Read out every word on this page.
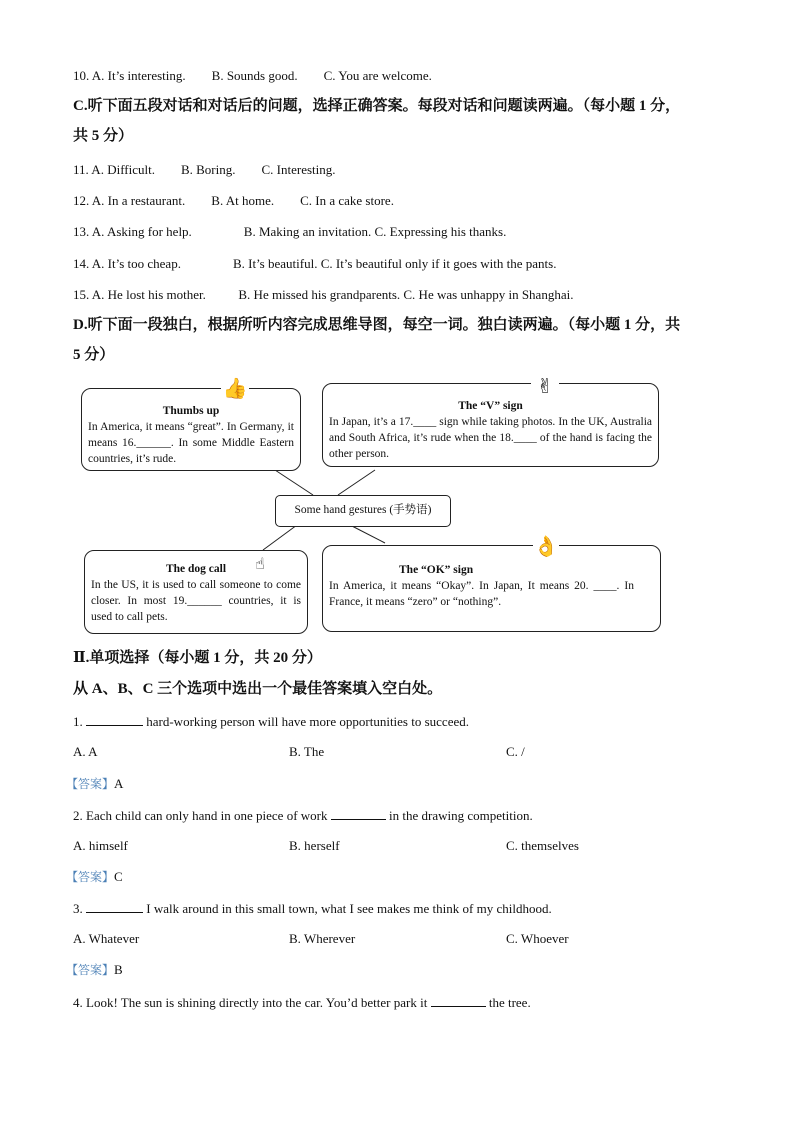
10. A. It’s interesting.        B. Sounds good.        C. You are welcome.
C.听下面五段对话和对话后的问题，选择正确答案。每段对话和问题读两遍。（每小题 1 分，
共 5 分）
11. A. Difficult.        B. Boring.        C. Interesting.
12. A. In a restaurant.        B. At home.        C. In a cake store.
13. A. Asking for help.                B. Making an invitation. C. Expressing his thanks.
14. A. It’s too cheap.                B. It’s beautiful. C. It’s beautiful only if it goes with the pants.
15. A. He lost his mother.          B. He missed his grandparents. C. He was unhappy in Shanghai.
D.听下面一段独白，根据所听内容完成思维导图，每空一词。独白读两遍。（每小题 1 分，共
5 分）
Thumbs up
In America, it means “great”. In Germany, it means 16.______. In some Middle Eastern countries, it’s rude.
👍
The “V” sign
In Japan, it’s a 17.____ sign while taking photos. In the UK, Australia and South Africa, it’s rude when the 18.____ of the hand is facing the other person.
✌
Some hand gestures (手势语)
The dog call
In the US, it is used to call someone to come closer. In most 19.______ countries, it is used to call pets.
☝	The “OK” sign
In America, it means “Okay”. In Japan, It means 20. ____. In France, it means “zero” or “nothing”.
👌
Ⅱ.单项选择（每小题 1 分，共 20 分）
从 A、B、C 三个选项中选出一个最佳答案填入空白处。
1.	hard-working person will have more opportunities to succeed.
A. A	B. The	C. /
【答案】A
2. Each child can only hand in one piece of work	in the drawing competition.
A. himself	B. herself	C. themselves
【答案】C
3.	I walk around in this small town, what I see makes me think of my childhood.
A. Whatever	B. Wherever	C. Whoever
【答案】B
4. Look! The sun is shining directly into the car. You’d better park it	the tree.
